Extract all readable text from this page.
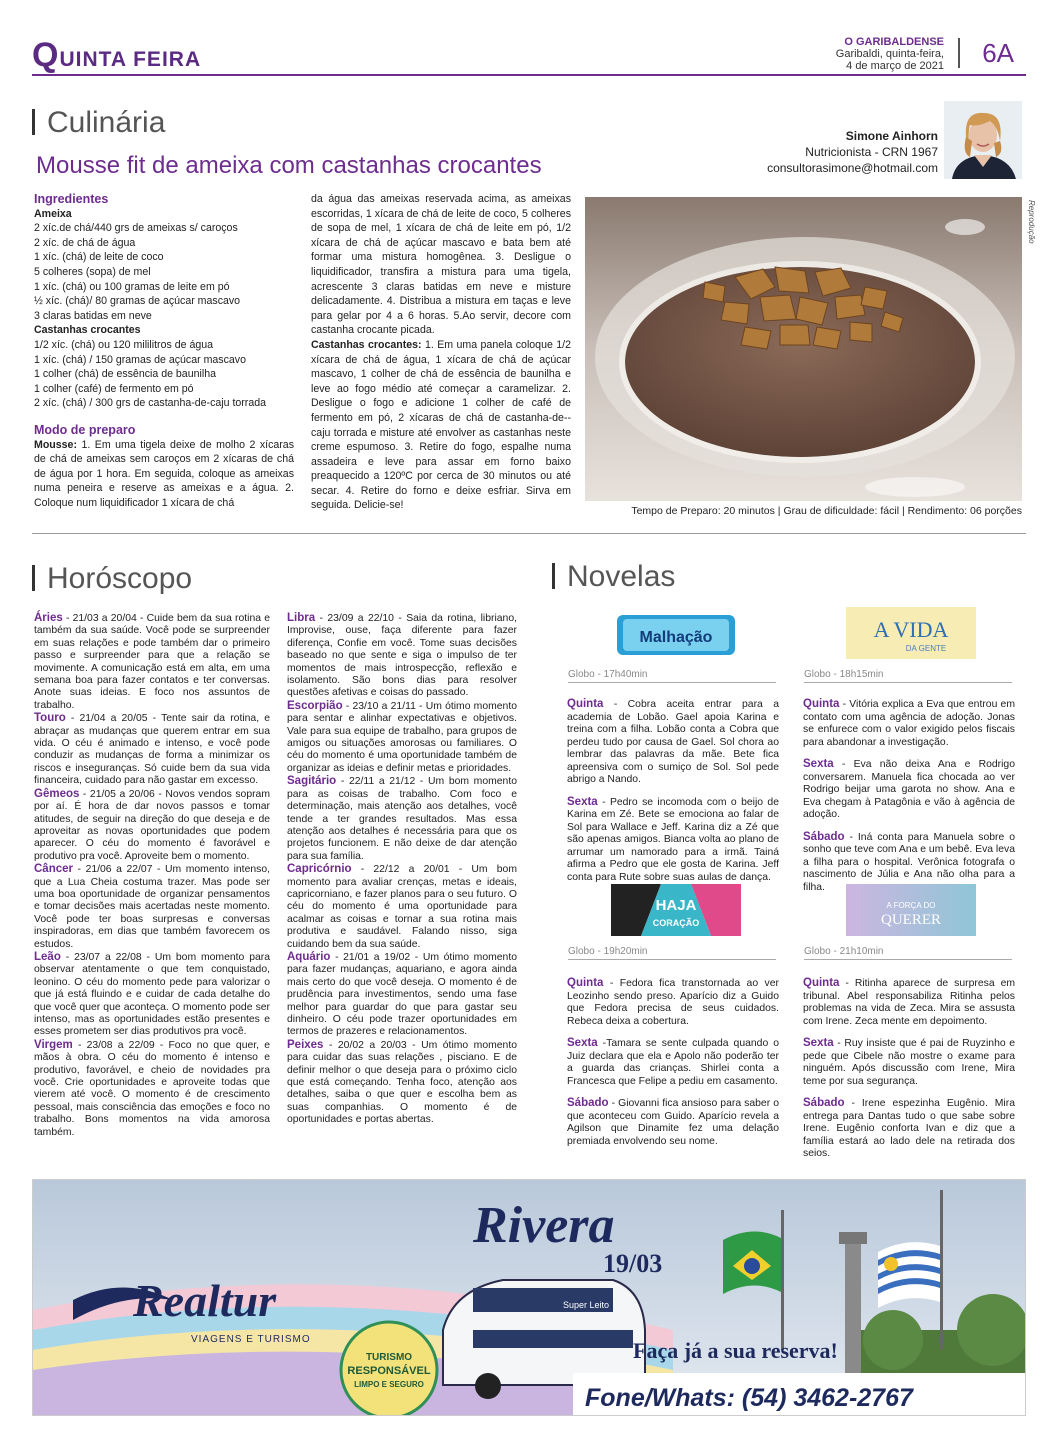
QUINTA FEIRA
O GARIBALDENSE
Garibaldi, quinta-feira,
4 de março de 2021 6A
Culinária
Mousse fit de ameixa com castanhas crocantes
Simone Ainhorn
Nutricionista - CRN 1967
consultorasimone@hotmail.com

Ingredientes

Ameixa

2 xíc.de chá/440 grs de ameixas s/ caroços

2 xíc. de chá de água

1 xíc. (chá) de leite de coco

5 colheres (sopa) de mel

1 xíc. (chá) ou 100 gramas de leite em pó

½ xíc. (chá)/ 80 gramas de açúcar mascavo

3 claras batidas em neve

Castanhas crocantes

1/2 xíc. (chá) ou 120 mililitros de água

1 xíc. (chá) / 150 gramas de açúcar mascavo

1 colher (chá) de essência de baunilha

1 colher (café) de fermento em pó

2 xíc. (chá) / 300 grs de castanha-de-caju torrada

Modo de preparo

Mousse: 1. Em uma tigela deixe de molho 2 xícaras de chá de ameixas sem caroços em 2 xícaras de chá de água por 1 hora. Em seguida, coloque as ameixas numa peneira e reserve as ameixas e a água. 2. Coloque num liquidificador 1 xícara de chá

da água das ameixas reservada acima, as ameixas escorridas, 1 xícara de chá de leite de coco, 5 colheres de sopa de mel, 1 xícara de chá de leite em pó, 1/2 xícara de chá de açúcar mascavo e bata bem até formar uma mistura homogênea. 3. Desligue o liquidificador, transfira a mistura para uma tigela, acrescente 3 claras batidas em neve e misture delicadamente. 4. Distribua a mistura em taças e leve para gelar por 4 a 6 horas. 5.Ao servir, decore com castanha crocante picada.

Castanhas crocantes: 1. Em uma panela coloque 1/2 xícara de chá de água, 1 xícara de chá de açúcar mascavo, 1 colher de chá de essência de baunilha e leve ao fogo médio até começar a caramelizar. 2. Desligue o fogo e adicione 1 colher de café de fermento em pó, 2 xícaras de chá de castanha-de--caju torrada e misture até envolver as castanhas neste creme espumoso. 3. Retire do fogo, espalhe numa assadeira e leve para assar em forno baixo preaquecido a 120ºC por cerca de 30 minutos ou até secar. 4. Retire do forno e deixe esfriar. Sirva em seguida. Delicie-se!

Reprodução
Tempo de Preparo: 20 minutos | Grau de dificuldade: fácil | Rendimento: 06 porções
Horóscopo

Áries - 21/03 a 20/04 - Cuide bem da sua rotina e também da sua saúde. Você pode se surpreender em suas relações e pode também dar o primeiro passo e surpreender para que a relação se movimente. A comunicação está em alta, em uma semana boa para fazer contatos e ter conversas. Anote suas ideias. E foco nos assuntos de trabalho.

Touro - 21/04 a 20/05 - Tente sair da rotina, e abraçar as mudanças que querem entrar em sua vida. O céu é animado e intenso, e você pode conduzir as mudanças de forma a minimizar os riscos e inseguranças. Só cuide bem da sua vida financeira, cuidado para não gastar em excesso.

Gêmeos - 21/05 a 20/06 - Novos vendos sopram por aí. É hora de dar novos passos e tomar atitudes, de seguir na direção do que deseja e de aproveitar as novas oportunidades que podem aparecer. O céu do momento é favorável e produtivo pra você. Aproveite bem o momento.

Câncer - 21/06 a 22/07 - Um momento intenso, que a Lua Cheia costuma trazer. Mas pode ser uma boa oportunidade de organizar pensamentos e tomar decisões mais acertadas neste momento. Você pode ter boas surpresas e conversas inspiradoras, em dias que também favorecem os estudos.

Leão - 23/07 a 22/08 - Um bom momento para observar atentamente o que tem conquistado, leonino. O céu do momento pede para valorizar o que já está fluindo e e cuidar de cada detalhe do que você quer que aconteça. O momento pode ser intenso, mas as oportunidades estão presentes e esses prometem ser dias produtivos pra você.

Virgem - 23/08 a 22/09 - Foco no que quer, e mãos à obra. O céu do momento é intenso e produtivo, favorável, e cheio de novidades pra você. Crie oportunidades e aproveite todas que vierem até você. O momento é de crescimento pessoal, mais consciência das emoções e foco no trabalho. Bons momentos na vida amorosa também.

Libra - 23/09 a 22/10 - Saia da rotina, libriano, Improvise, ouse, faça diferente para fazer diferença, Confie em você. Tome suas decisões baseado no que sente e siga o impulso de ter momentos de mais introspecção, reflexão e isolamento. São bons dias para resolver questões afetivas e coisas do passado.

Escorpião - 23/10 a 21/11 - Um ótimo momento para sentar e alinhar expectativas e objetivos. Vale para sua equipe de trabalho, para grupos de amigos ou situações amorosas ou familiares. O céu do momento é uma oportunidade também de organizar as ideias e definir metas e prioridades.

Sagitário - 22/11 a 21/12 - Um bom momento para as coisas de trabalho. Com foco e determinação, mais atenção aos detalhes, você tende a ter grandes resultados. Mas essa atenção aos detalhes é necessária para que os projetos funcionem. E não deixe de dar atenção para sua família.

Capricórnio - 22/12 a 20/01 - Um bom momento para avaliar crenças, metas e ideais, capricorniano, e fazer planos para o seu futuro. O céu do momento é uma oportunidade para acalmar as coisas e tornar a sua rotina mais produtiva e saudável. Falando nisso, siga cuidando bem da sua saúde.

Aquário - 21/01 a 19/02 - Um ótimo momento para fazer mudanças, aquariano, e agora ainda mais certo do que você deseja. O momento é de prudência para investimentos, sendo uma fase melhor para guardar do que para gastar seu dinheiro. O céu pode trazer oportunidades em termos de prazeres e relacionamentos.

Peixes - 20/02 a 20/03 - Um ótimo momento para cuidar das suas relações , pisciano. E de definir melhor o que deseja para o próximo ciclo que está começando. Tenha foco, atenção aos detalhes, saiba o que quer e escolha bem as suas companhias. O momento é de oportunidades e portas abertas.

Novelas
Malhação
Globo - 17h40min

Quinta - Cobra aceita entrar para a academia de Lobão. Gael apoia Karina e treina com a filha. Lobão conta a Cobra que perdeu tudo por causa de Gael. Sol chora ao lembrar das palavras da mãe. Bete fica apreensiva com o sumiço de Sol. Sol pede abrigo a Nando.

Sexta - Pedro se incomoda com o beijo de Karina em Zé. Bete se emociona ao falar de Sol para Wallace e Jeff. Karina diz a Zé que são apenas amigos. Bianca volta ao plano de arrumar um namorado para a irmã. Tainá afirma a Pedro que ele gosta de Karina. Jeff conta para Rute sobre suas aulas de dança.

A VIDA
DA GENTE
Globo - 18h15min

Quinta - Vitória explica a Eva que entrou em contato com uma agência de adoção. Jonas se enfurece com o valor exigido pelos fiscais para abandonar a investigação.

Sexta - Eva não deixa Ana e Rodrigo conversarem. Manuela fica chocada ao ver Rodrigo beijar uma garota no show. Ana e Eva chegam à Patagônia e vão à agência de adoção.

Sábado - Iná conta para Manuela sobre o sonho que teve com Ana e um bebê. Eva leva a filha para o hospital. Verônica fotografa o nascimento de Júlia e Ana não olha para a filha.

HAJA
CORAÇÃO
Globo - 19h20min

Quinta - Fedora fica transtornada ao ver Leozinho sendo preso. Aparício diz a Guido que Fedora precisa de seus cuidados. Rebeca deixa a cobertura.

Sexta -Tamara se sente culpada quando o Juiz declara que ela e Apolo não poderão ter a guarda das crianças. Shirlei conta a Francesca que Felipe a pediu em casamento.

Sábado - Giovanni fica ansioso para saber o que aconteceu com Guido. Aparício revela a Agilson que Dinamite fez uma delação premiada envolvendo seu nome.

A FORÇA DO
QUERER
Globo - 21h10min

Quinta - Ritinha aparece de surpresa em tribunal. Abel responsabiliza Ritinha pelos problemas na vida de Zeca. Mira se assusta com Irene. Zeca mente em depoimento.

Sexta - Ruy insiste que é pai de Ruyzinho e pede que Cibele não mostre o exame para ninguém. Após discussão com Irene, Mira teme por sua segurança.

Sábado - Irene espezinha Eugênio. Mira entrega para Dantas tudo o que sabe sobre Irene. Eugênio conforta Ivan e diz que a família estará ao lado dele na retirada dos seios.

Rivera
19/03
Realtur
VIAGENS E TURISMO
TURISMO
RESPONSÁVEL
LIMPO E SEGURO
Super Leito
Faça já a sua reserva!
Fone/Whats: (54) 3462-2767
